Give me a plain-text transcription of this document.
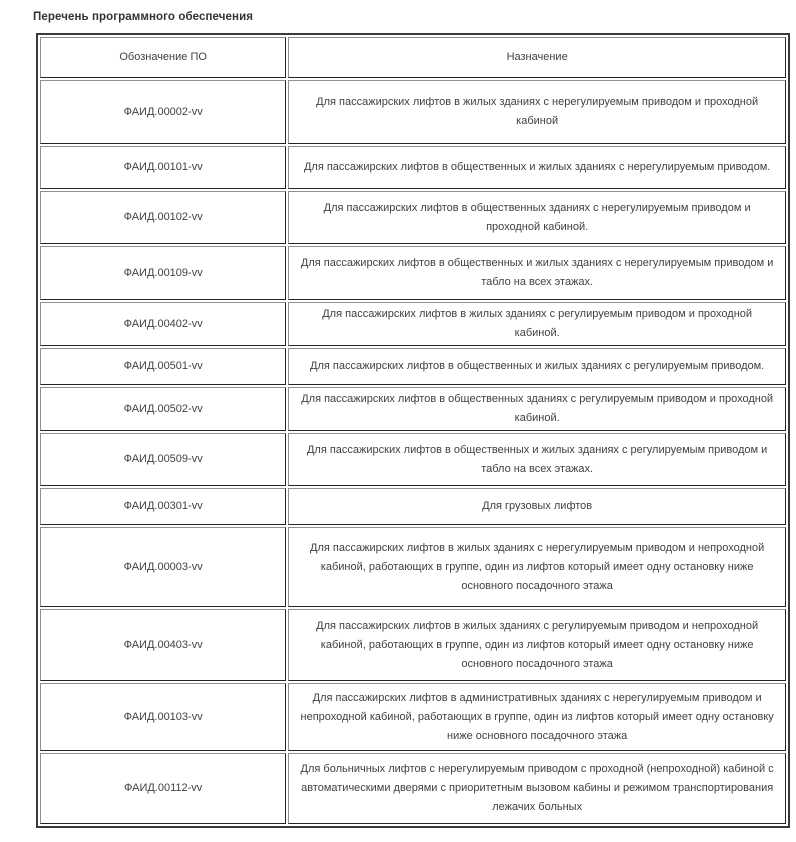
Перечень программного обеспечения

Обозначение ПО	Назначение
ФАИД.00002-vv	Для пассажирских лифтов в жилых зданиях с нерегулируемым приводом и проходной кабиной
ФАИД.00101-vv	Для пассажирских лифтов в общественных и жилых зданиях с нерегулируемым приводом.
ФАИД.00102-vv	Для пассажирских лифтов в общественных зданиях с нерегулируемым приводом и проходной кабиной.
ФАИД.00109-vv	Для пассажирских лифтов в общественных и жилых зданиях с нерегулируемым приводом и табло на всех этажах.
ФАИД.00402-vv	Для пассажирских лифтов в жилых зданиях с регулируемым приводом и проходной кабиной.
ФАИД.00501-vv	Для пассажирских лифтов в общественных и жилых зданиях с регулируемым приводом.
ФАИД.00502-vv	Для пассажирских лифтов в общественных зданиях с регулируемым приводом и проходной кабиной.
ФАИД.00509-vv	Для пассажирских лифтов в общественных и жилых зданиях с регулируемым приводом и табло на всех этажах.
ФАИД.00301-vv	Для грузовых лифтов
ФАИД.00003-vv	Для пассажирских лифтов в жилых зданиях с нерегулируемым приводом и непроходной кабиной, работающих в группе, один из лифтов который имеет одну остановку ниже основного посадочного этажа
ФАИД.00403-vv	Для пассажирских лифтов в жилых зданиях с регулируемым приводом и непроходной кабиной, работающих в группе, один из лифтов который имеет одну остановку ниже основного посадочного этажа
ФАИД.00103-vv	Для пассажирских лифтов в административных зданиях с нерегулируемым приводом и непроходной кабиной, работающих в группе, один из лифтов который имеет одну остановку ниже основного посадочного этажа
ФАИД.00112-vv	Для больничных лифтов с нерегулируемым приводом с проходной (непроходной) кабиной с автоматическими дверями с приоритетным вызовом кабины и режимом транспортирования лежачих больных
